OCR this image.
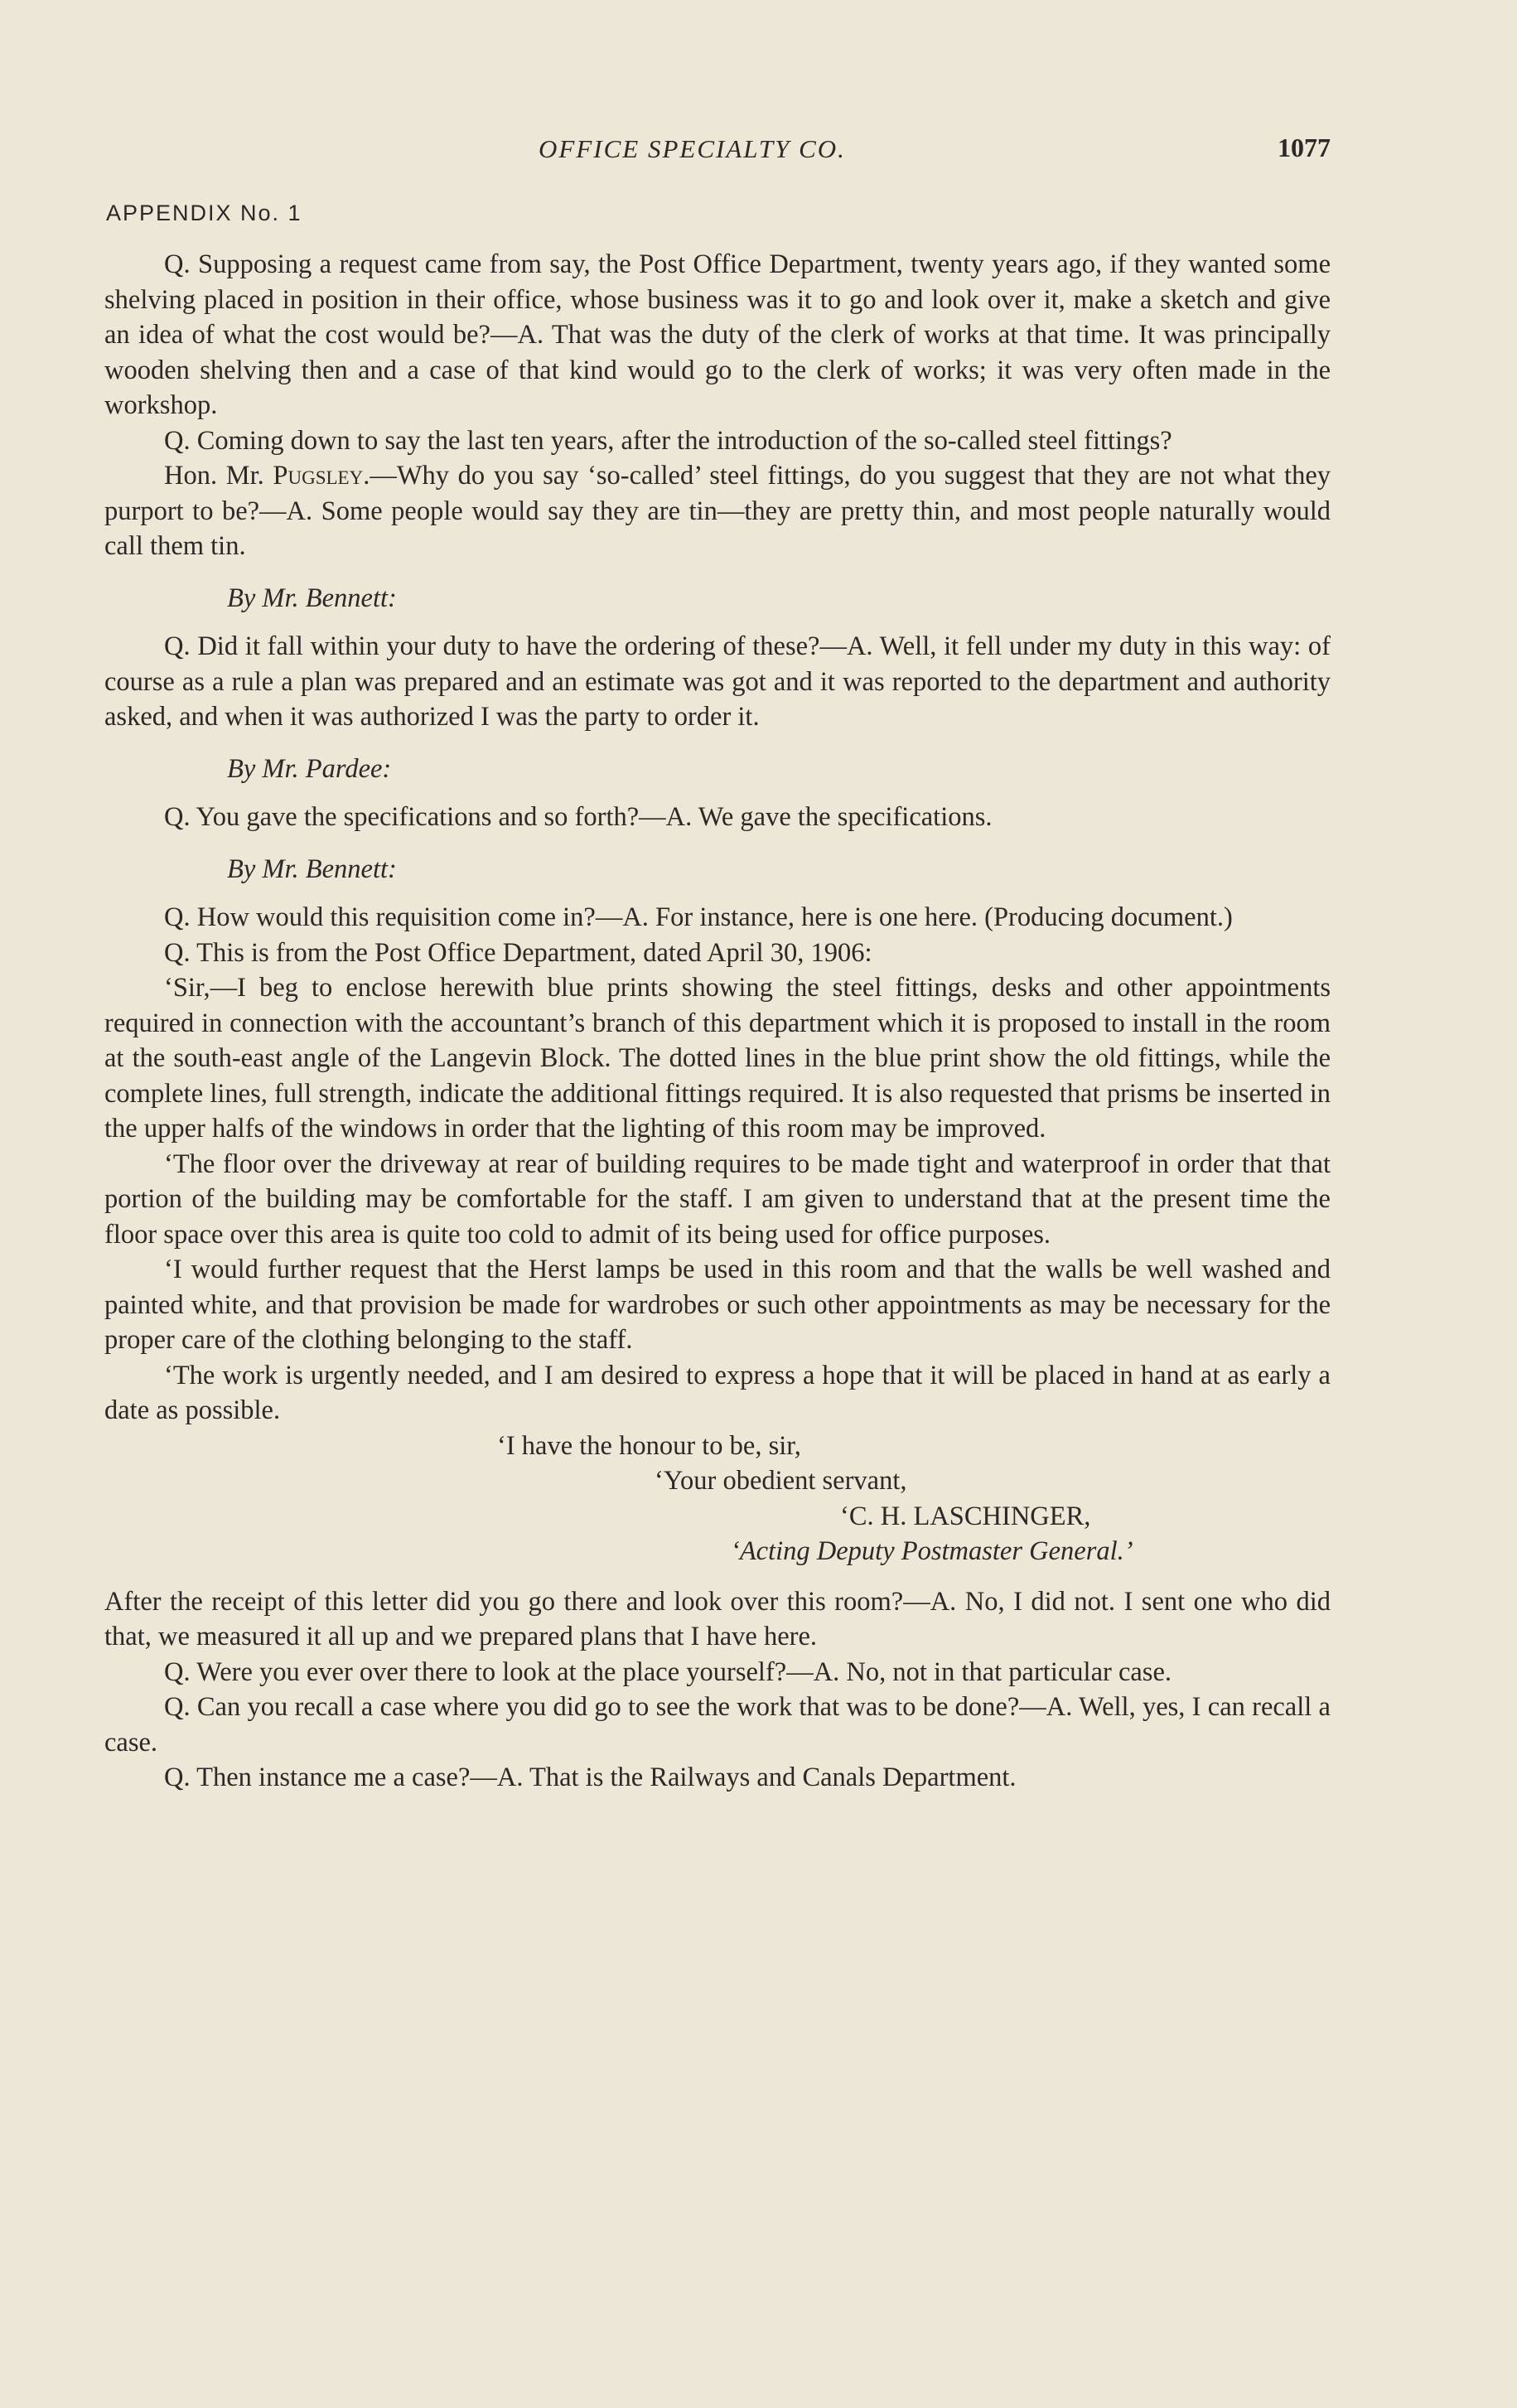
OFFICE SPECIALTY CO.	1077
APPENDIX No. 1

Q. Supposing a request came from say, the Post Office Department, twenty years ago, if they wanted some shelving placed in position in their office, whose business was it to go and look over it, make a sketch and give an idea of what the cost would be?—A. That was the duty of the clerk of works at that time. It was principally wooden shelving then and a case of that kind would go to the clerk of works; it was very often made in the workshop.

Q. Coming down to say the last ten years, after the introduction of the so-called steel fittings?

Hon. Mr. Pugsley.—Why do you say ‘so-called’ steel fittings, do you suggest that they are not what they purport to be?—A. Some people would say they are tin—they are pretty thin, and most people naturally would call them tin.

By Mr. Bennett:

Q. Did it fall within your duty to have the ordering of these?—A. Well, it fell under my duty in this way: of course as a rule a plan was prepared and an estimate was got and it was reported to the department and authority asked, and when it was authorized I was the party to order it.

By Mr. Pardee:

Q. You gave the specifications and so forth?—A. We gave the specifications.

By Mr. Bennett:

Q. How would this requisition come in?—A. For instance, here is one here. (Producing document.)

Q. This is from the Post Office Department, dated April 30, 1906:

‘Sir,—I beg to enclose herewith blue prints showing the steel fittings, desks and other appointments required in connection with the accountant’s branch of this department which it is proposed to install in the room at the south-east angle of the Langevin Block. The dotted lines in the blue print show the old fittings, while the complete lines, full strength, indicate the additional fittings required. It is also requested that prisms be inserted in the upper halfs of the windows in order that the lighting of this room may be improved.

‘The floor over the driveway at rear of building requires to be made tight and waterproof in order that that portion of the building may be comfortable for the staff. I am given to understand that at the present time the floor space over this area is quite too cold to admit of its being used for office purposes.

‘I would further request that the Herst lamps be used in this room and that the walls be well washed and painted white, and that provision be made for wardrobes or such other appointments as may be necessary for the proper care of the clothing belonging to the staff.

‘The work is urgently needed, and I am desired to express a hope that it will be placed in hand at as early a date as possible.

‘I have the honour to be, sir,
‘Your obedient servant,
‘C. H. LASCHINGER,
‘Acting Deputy Postmaster General.’

After the receipt of this letter did you go there and look over this room?—A. No, I did not. I sent one who did that, we measured it all up and we prepared plans that I have here.

Q. Were you ever over there to look at the place yourself?—A. No, not in that particular case.

Q. Can you recall a case where you did go to see the work that was to be done?—A. Well, yes, I can recall a case.

Q. Then instance me a case?—A. That is the Railways and Canals Department.
